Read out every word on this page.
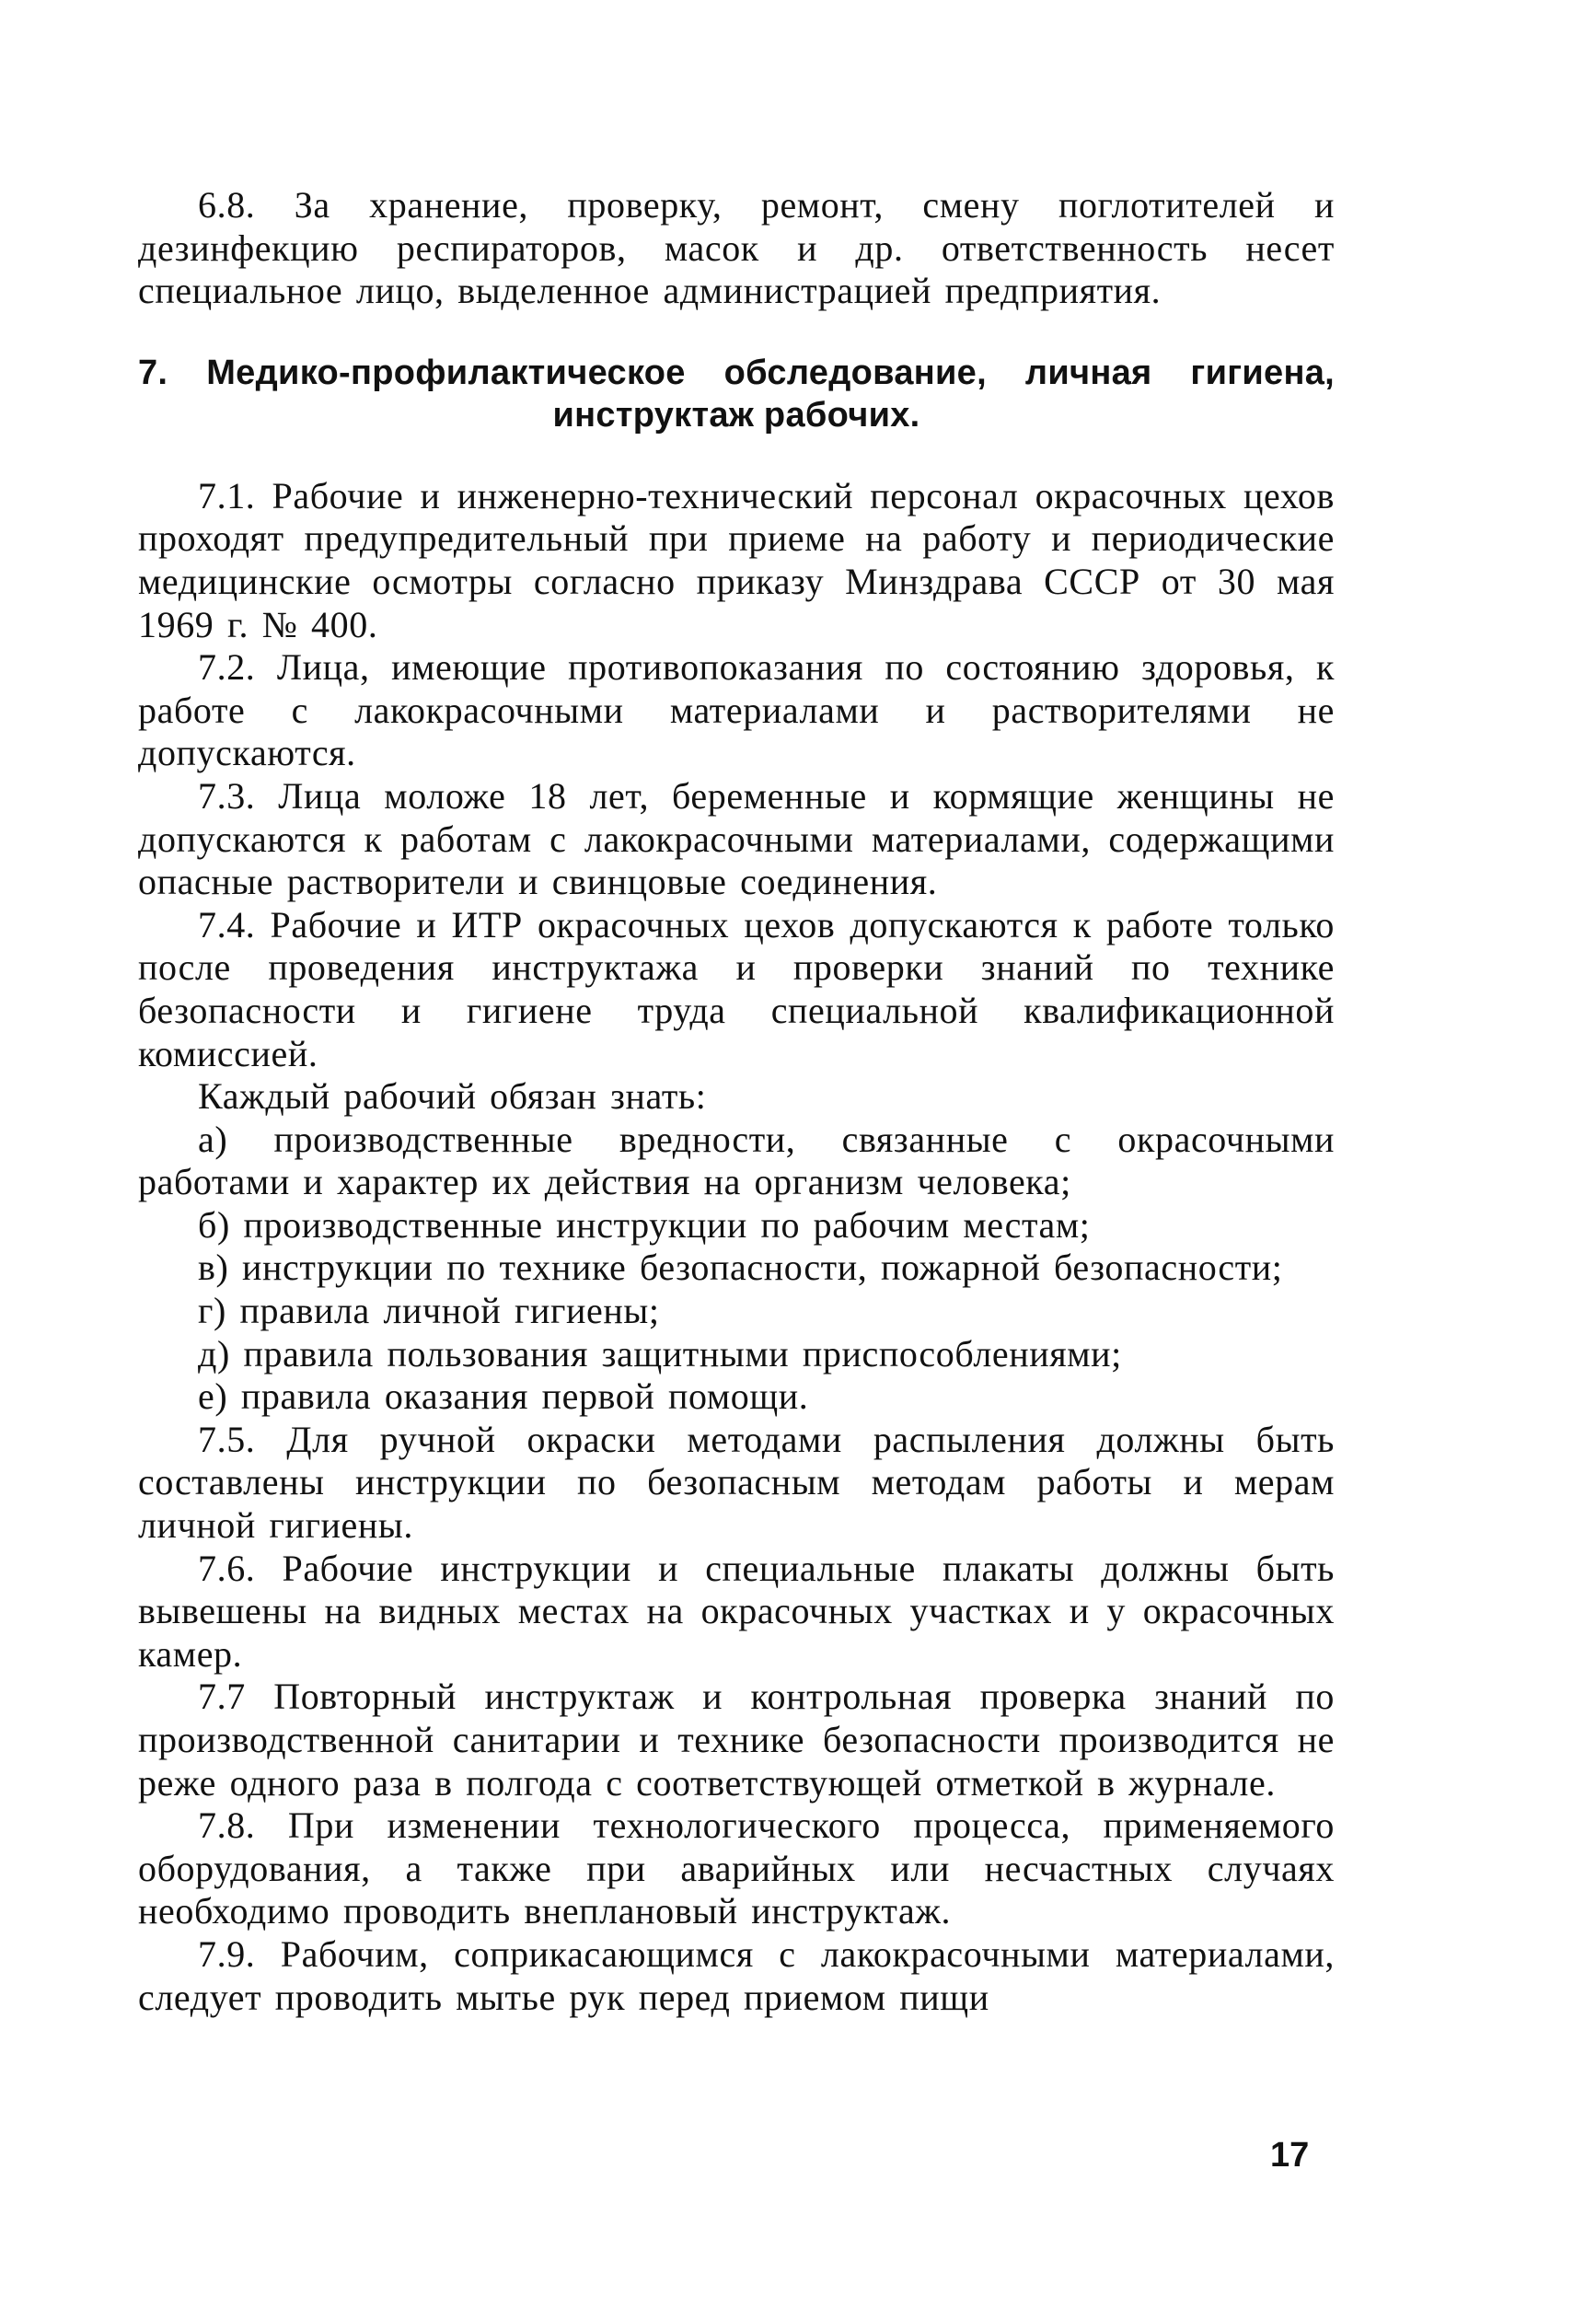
6.8. За хранение, проверку, ремонт, смену поглотителей и дезинфекцию респираторов, масок и др. ответственность несет специальное лицо, выделенное администрацией предприятия.

7. Медико-профилактическое обследование, личная гигиена,
инструктаж рабочих.

7.1. Рабочие и инженерно-технический персонал окрасочных цехов проходят предупредительный при приеме на работу и периодические медицинские осмотры согласно приказу Минздрава СССР от 30 мая 1969 г. № 400.

7.2. Лица, имеющие противопоказания по состоянию здоровья, к работе с лакокрасочными материалами и растворителями не допускаются.

7.3. Лица моложе 18 лет, беременные и кормящие женщины не допускаются к работам с лакокрасочными материалами, содержащими опасные растворители и свинцовые соединения.

7.4. Рабочие и ИТР окрасочных цехов допускаются к работе только после проведения инструктажа и проверки знаний по технике безопасности и гигиене труда специальной квалификационной комиссией.

Каждый рабочий обязан знать:

а) производственные вредности, связанные с окрасочными работами и характер их действия на организм человека;

б) производственные инструкции по рабочим местам;

в) инструкции по технике безопасности, пожарной безопасности;

г) правила личной гигиены;

д) правила пользования защитными приспособлениями;

е) правила оказания первой помощи.

7.5. Для ручной окраски методами распыления должны быть составлены инструкции по безопасным методам работы и мерам личной гигиены.

7.6. Рабочие инструкции и специальные плакаты должны быть вывешены на видных местах на окрасочных участках и у окрасочных камер.

7.7 Повторный инструктаж и контрольная проверка знаний по производственной санитарии и технике безопасности производится не реже одного раза в полгода с соответствующей отметкой в журнале.

7.8. При изменении технологического процесса, применяемого оборудования, а также при аварийных или несчастных случаях необходимо проводить внеплановый инструктаж.

7.9. Рабочим, соприкасающимся с лакокрасочными материалами, следует проводить мытье рук перед приемом пищи

17
